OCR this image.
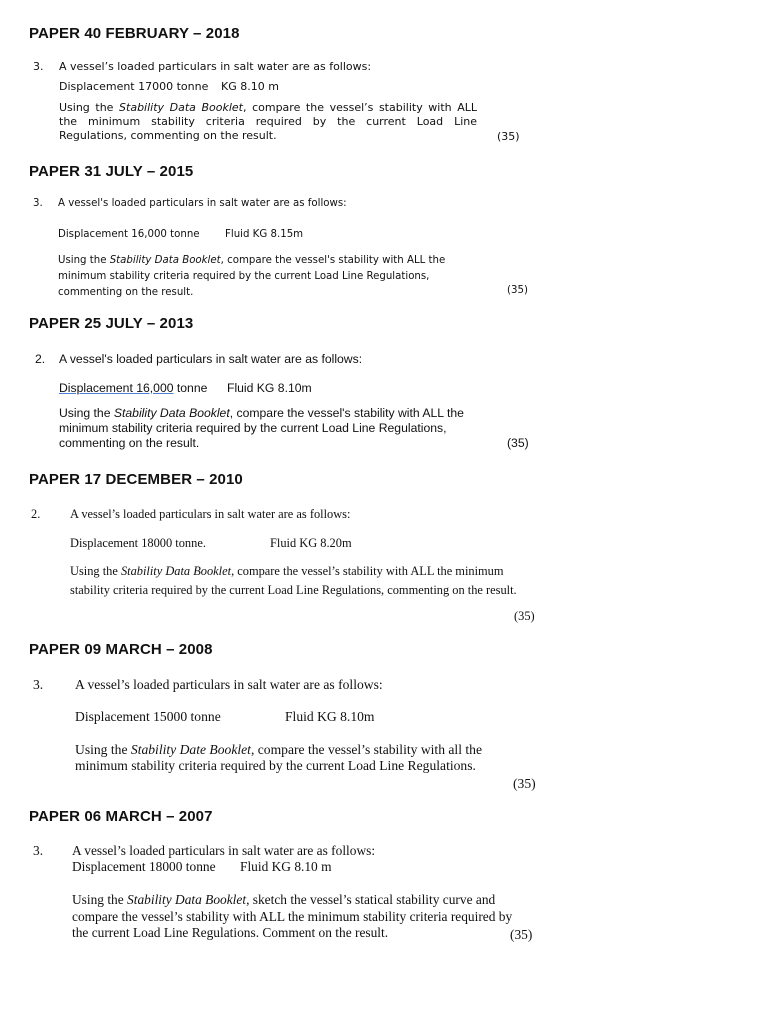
PAPER 40 FEBRUARY – 2018
3. A vessel’s loaded particulars in salt water are as follows:
Displacement 17000 tonne KG 8.10 m

Using the Stability Data Booklet, compare the vessel’s stability with ALL the minimum stability criteria required by the current Load Line Regulations, commenting on the result.	(35)
PAPER 31 JULY – 2015
3. A vessel's loaded particulars in salt water are as follows:
Displacement 16,000 tonne Fluid KG 8.15m

Using the Stability Data Booklet, compare the vessel's stability with ALL the minimum stability criteria required by the current Load Line Regulations, commenting on the result.	(35)
PAPER 25 JULY – 2013
2. A vessel's loaded particulars in salt water are as follows:
Displacement 16,000 tonne Fluid KG 8.10m

Using the Stability Data Booklet, compare the vessel's stability with ALL the minimum stability criteria required by the current Load Line Regulations, commenting on the result.	(35)
PAPER 17 DECEMBER – 2010
2. A vessel’s loaded particulars in salt water are as follows:
Displacement 18000 tonne.	Fluid KG 8.20m

Using the Stability Data Booklet, compare the vessel’s stability with ALL the minimum stability criteria required by the current Load Line Regulations, commenting on the result.

(35)
PAPER 09 MARCH – 2008
3. A vessel’s loaded particulars in salt water are as follows:
Displacement 15000 tonne	Fluid KG 8.10m

Using the Stability Date Booklet, compare the vessel’s stability with all the minimum stability criteria required by the current Load Line Regulations.

(35)
PAPER 06 MARCH – 2007
3. A vessel’s loaded particulars in salt water are as follows:
Displacement 18000 tonne Fluid KG 8.10 m

Using the Stability Data Booklet, sketch the vessel’s statical stability curve and compare the vessel’s stability with ALL the minimum stability criteria required by the current Load Line Regulations. Comment on the result.	(35)
